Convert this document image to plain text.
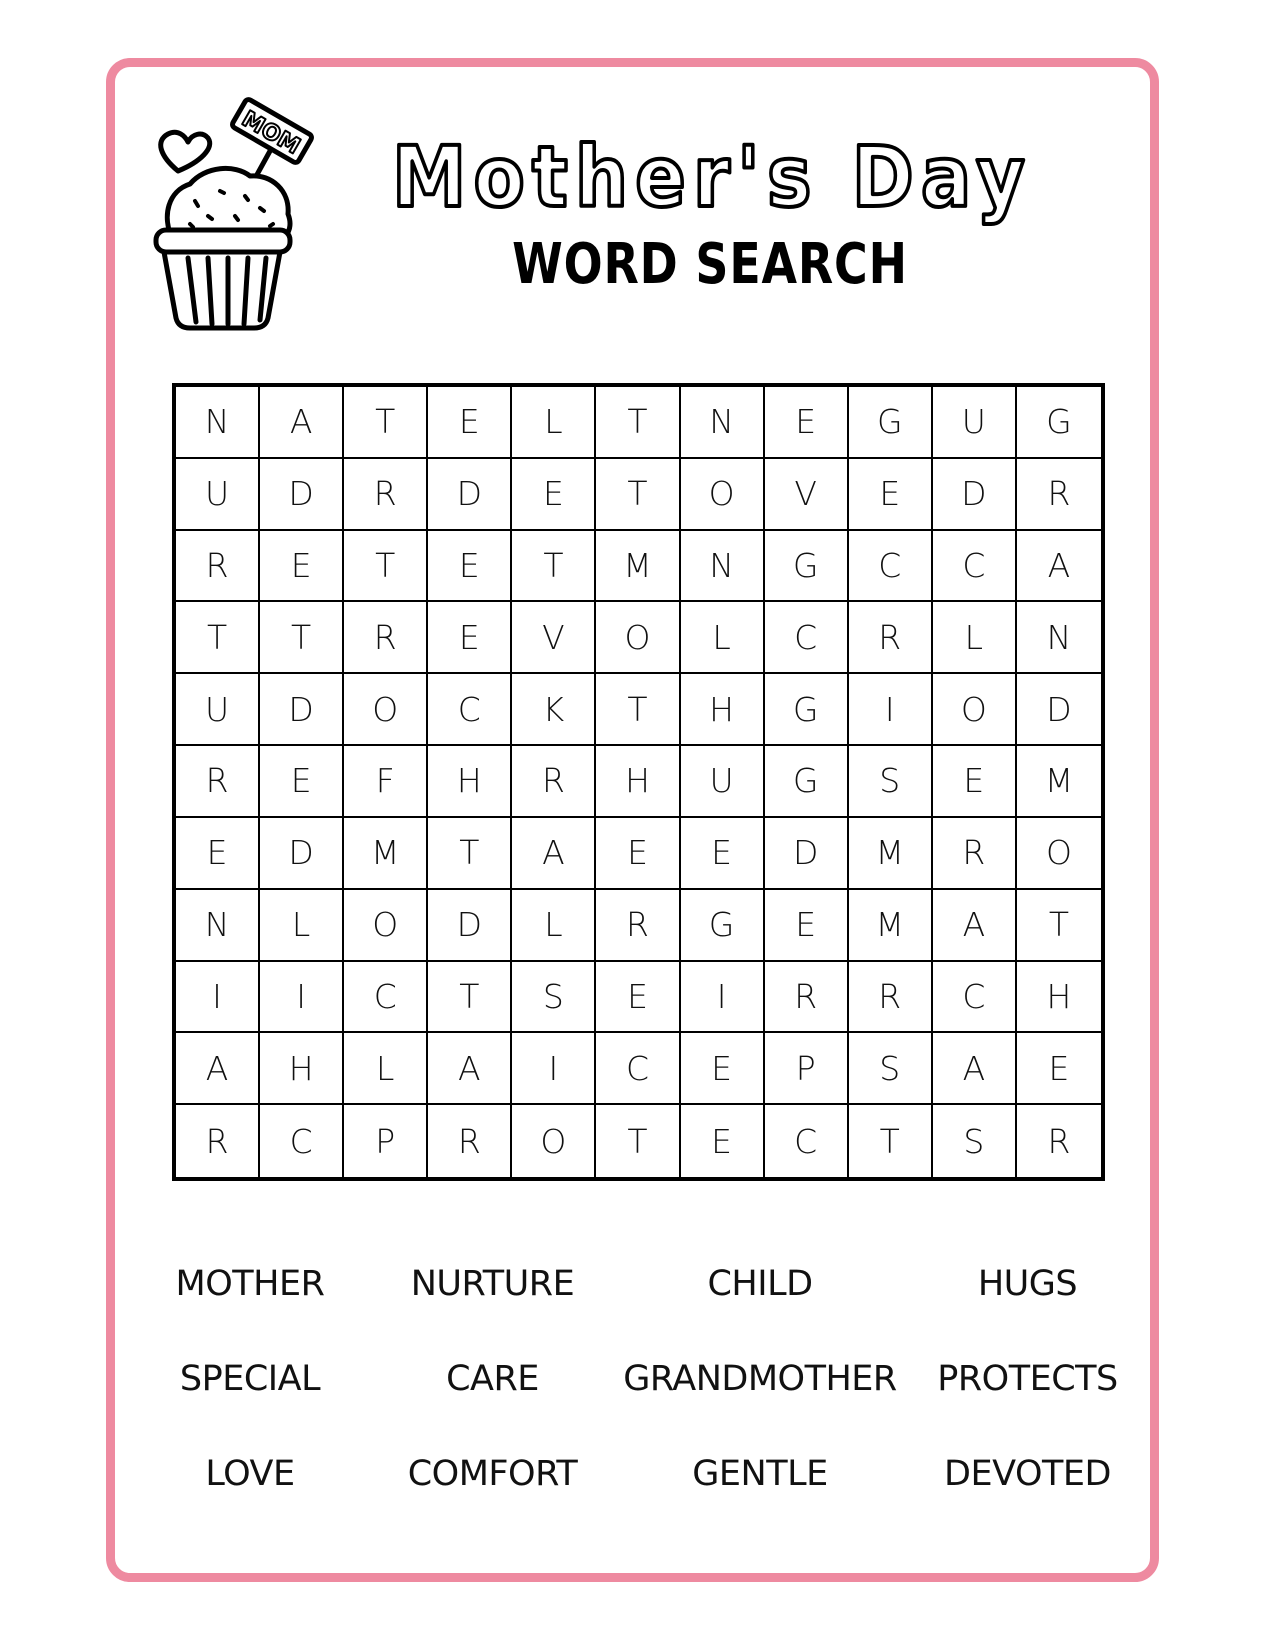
MOM Mother's Day
WORD SEARCH
N	A	T	E	L	T	N	E	G	U	G
U	D	R	D	E	T	O	V	E	D	R
R	E	T	E	T	M	N	G	C	C	A
T	T	R	E	V	O	L	C	R	L	N
U	D	O	C	K	T	H	G	I	O	D
R	E	F	H	R	H	U	G	S	E	M
E	D	M	T	A	E	E	D	M	R	O
N	L	O	D	L	R	G	E	M	A	T
I	I	C	T	S	E	I	R	R	C	H
A	H	L	A	I	C	E	P	S	A	E
R	C	P	R	O	T	E	C	T	S	R
MOTHER	NURTURE	CHILD	HUGS
SPECIAL	CARE	GRANDMOTHER	PROTECTS
LOVE	COMFORT	GENTLE	DEVOTED
